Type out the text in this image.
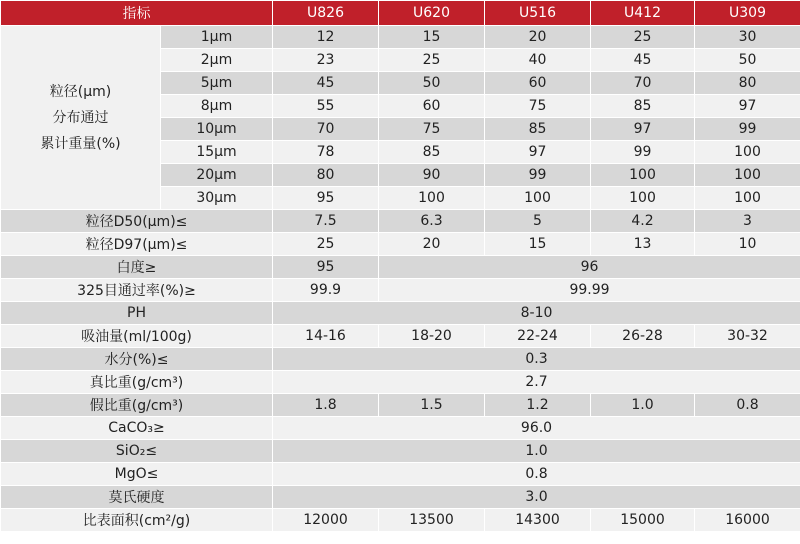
指标		U826	U620	U516	U412	U309

粒径(μm)
分布通过
累计重量(%)	1μm	12	15	20	25	30
	2μm	23	25	40	45	50
	5μm	45	50	60	70	80
	8μm	55	60	75	85	97
	10μm	70	75	85	97	99
	15μm	78	85	97	99	100
	20μm	80	90	99	100	100
	30μm	95	100	100	100	100
粒径D50(μm)≤		7.5	6.3	5	4.2	3
粒径D97(μm)≤		25	20	15	13	10
白度≥		95	96			
325目通过率(%)≥		99.9	99.99			
PH		8-10				
吸油量(ml/100g)		14-16	18-20	22-24	26-28	30-32
水分(%)≤		0.3				
真比重(g/cm³)		2.7				
假比重(g/cm³)		1.8	1.5	1.2	1.0	0.8
CaCO₃≥		96.0				
SiO₂≤		1.0				
MgO≤		0.8				
莫氏硬度		3.0				
比表面积(cm²/g)		12000	13500	14300	15000	16000
